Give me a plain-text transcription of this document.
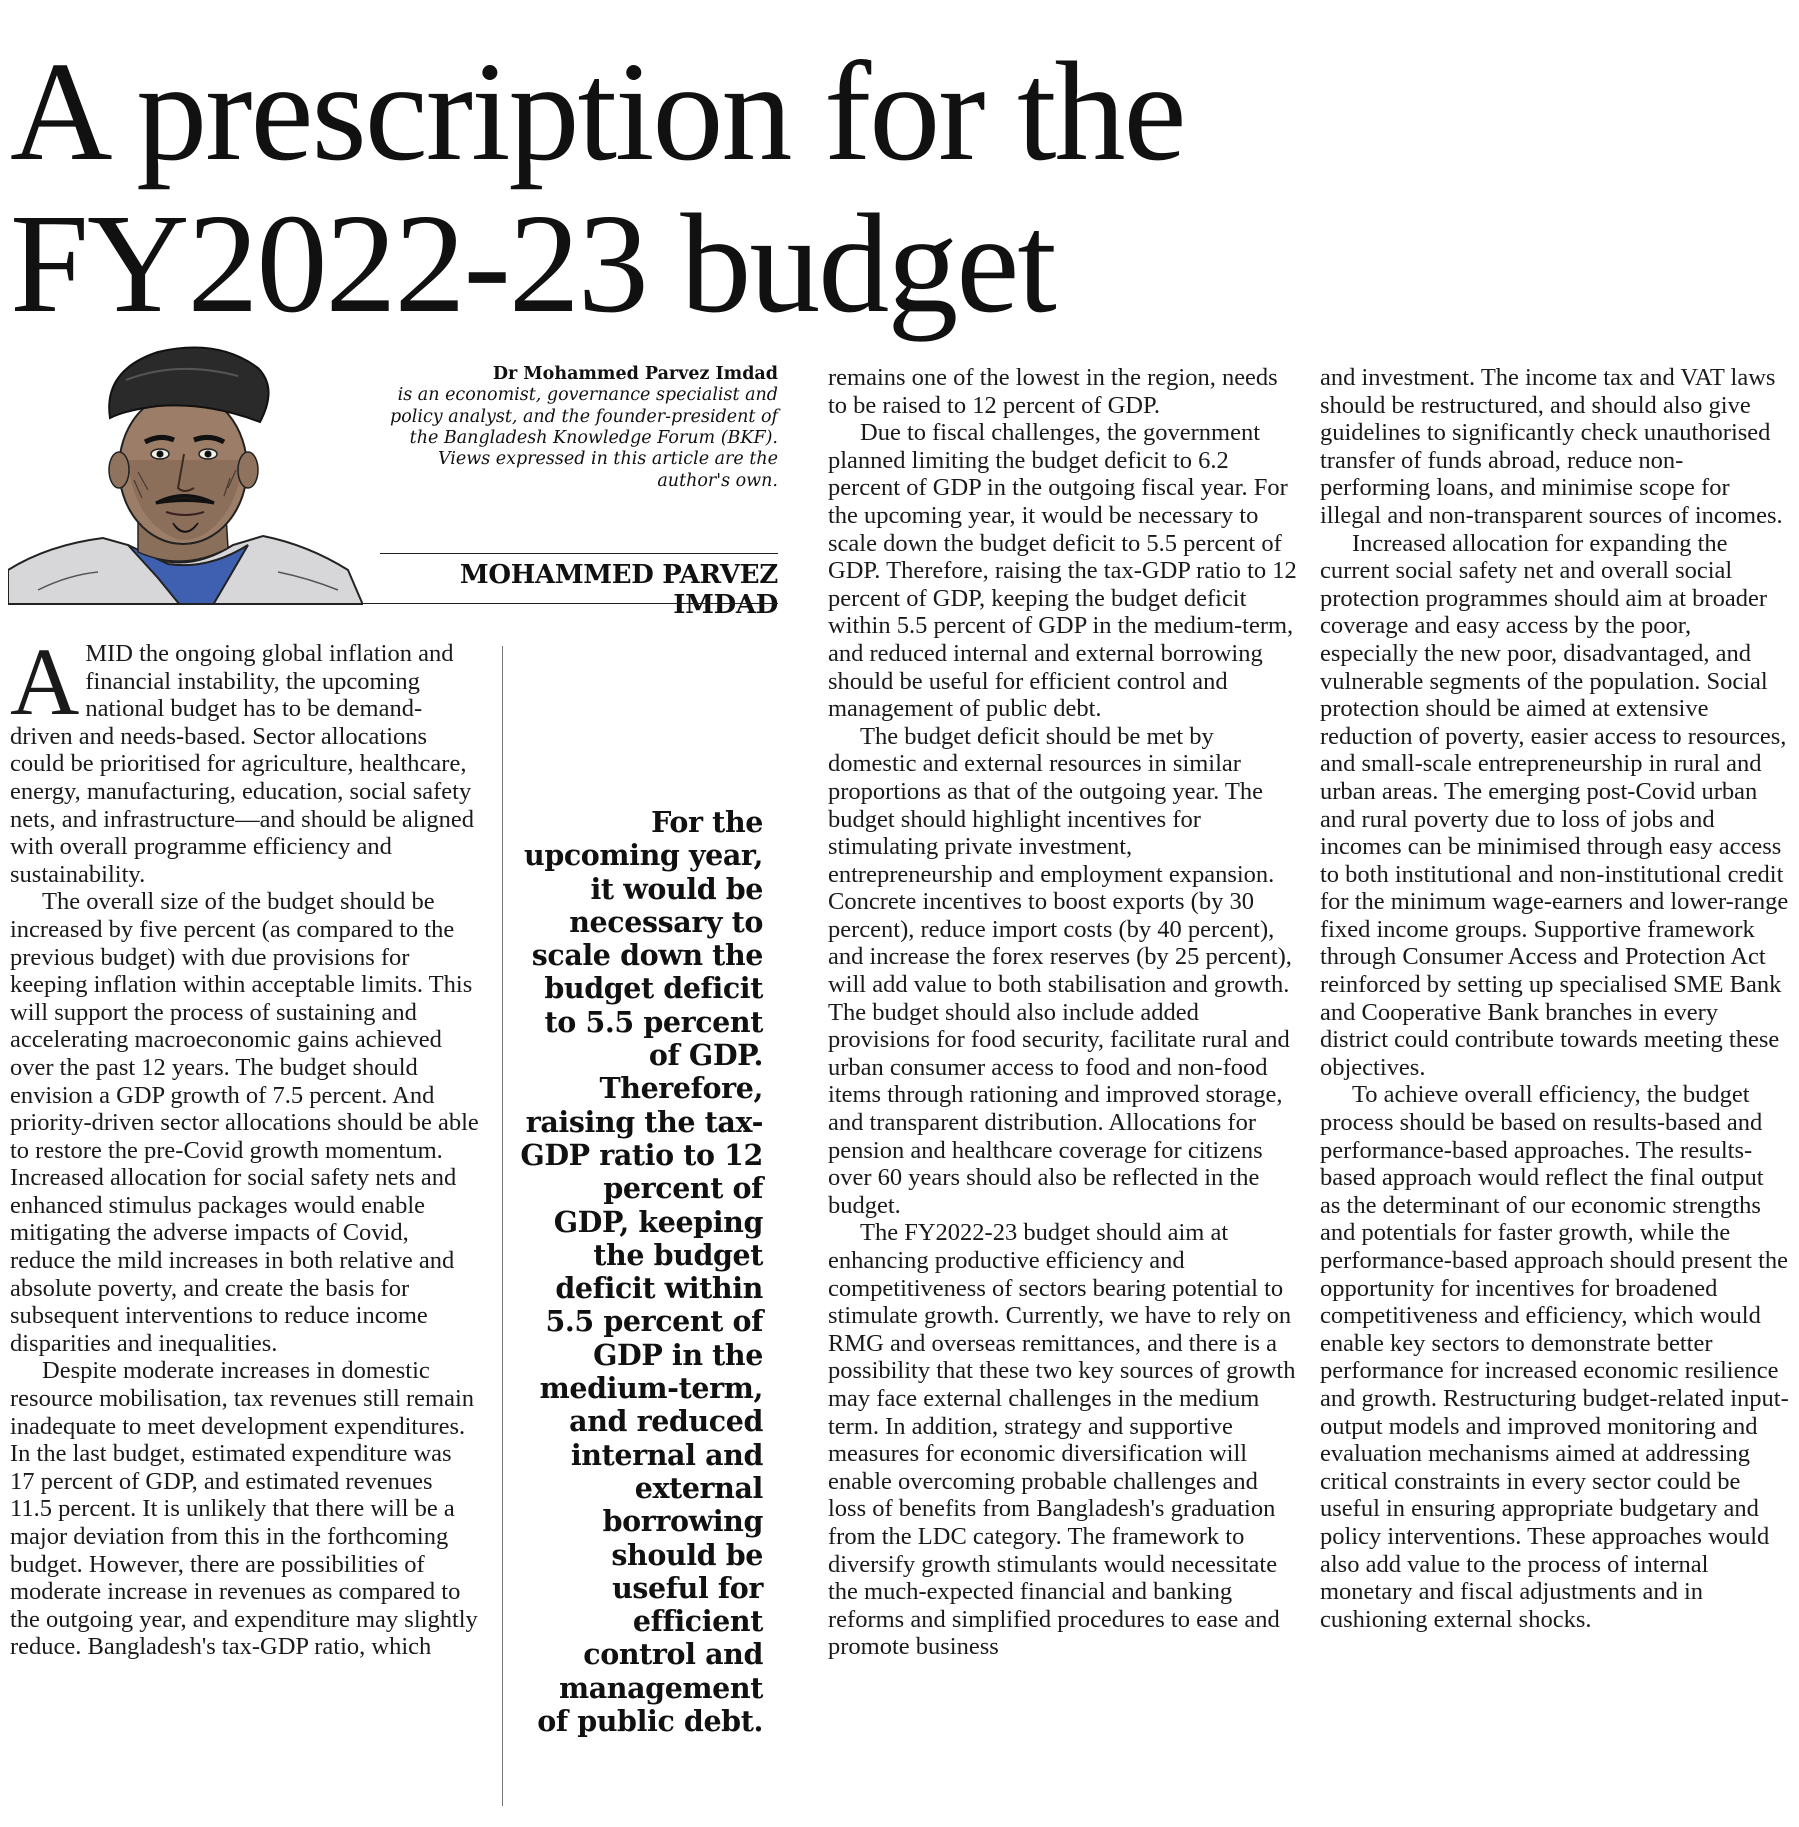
A prescription for the FY2022-23 budget
Dr Mohammed Parvez Imdad
is an economist, governance specialist and policy analyst, and the founder-president of the Bangladesh Knowledge Forum (BKF). Views expressed in this article are the author's own.
MOHAMMED PARVEZ IMDAD

AMID the ongoing global inflation and financial instability, the upcoming national budget has to be demand-driven and needs-based. Sector allocations could be prioritised for agriculture, healthcare, energy, manufacturing, education, social safety nets, and infrastructure—and should be aligned with overall programme efficiency and sustainability.

The overall size of the budget should be increased by five percent (as compared to the previous budget) with due provisions for keeping inflation within acceptable limits. This will support the process of sustaining and accelerating macroeconomic gains achieved over the past 12 years. The budget should envision a GDP growth of 7.5 percent. And priority-driven sector allocations should be able to restore the pre-Covid growth momentum. Increased allocation for social safety nets and enhanced stimulus packages would enable mitigating the adverse impacts of Covid, reduce the mild increases in both relative and absolute poverty, and create the basis for subsequent interventions to reduce income disparities and inequalities.

Despite moderate increases in domestic resource mobilisation, tax revenues still remain inadequate to meet development expenditures. In the last budget, estimated expenditure was 17 percent of GDP, and estimated revenues 11.5 percent. It is unlikely that there will be a major deviation from this in the forthcoming budget. However, there are possibilities of moderate increase in revenues as compared to the outgoing year, and expenditure may slightly reduce. Bangladesh's tax-GDP ratio, which

For the upcoming year, it would be necessary to scale down the budget deficit to 5.5 percent of GDP. Therefore, raising the tax-GDP ratio to 12 percent of GDP, keeping the budget deficit within 5.5 percent of GDP in the medium-term, and reduced internal and external borrowing should be useful for efficient control and management of public debt.

remains one of the lowest in the region, needs to be raised to 12 percent of GDP.

Due to fiscal challenges, the government planned limiting the budget deficit to 6.2 percent of GDP in the outgoing fiscal year. For the upcoming year, it would be necessary to scale down the budget deficit to 5.5 percent of GDP. Therefore, raising the tax-GDP ratio to 12 percent of GDP, keeping the budget deficit within 5.5 percent of GDP in the medium-term, and reduced internal and external borrowing should be useful for efficient control and management of public debt.

The budget deficit should be met by domestic and external resources in similar proportions as that of the outgoing year. The budget should highlight incentives for stimulating private investment, entrepreneurship and employment expansion. Concrete incentives to boost exports (by 30 percent), reduce import costs (by 40 percent), and increase the forex reserves (by 25 percent), will add value to both stabilisation and growth. The budget should also include added provisions for food security, facilitate rural and urban consumer access to food and non-food items through rationing and improved storage, and transparent distribution. Allocations for pension and healthcare coverage for citizens over 60 years should also be reflected in the budget.

The FY2022-23 budget should aim at enhancing productive efficiency and competitiveness of sectors bearing potential to stimulate growth. Currently, we have to rely on RMG and overseas remittances, and there is a possibility that these two key sources of growth may face external challenges in the medium term. In addition, strategy and supportive measures for economic diversification will enable overcoming probable challenges and loss of benefits from Bangladesh's graduation from the LDC category. The framework to diversify growth stimulants would necessitate the much-expected financial and banking reforms and simplified procedures to ease and promote business

and investment. The income tax and VAT laws should be restructured, and should also give guidelines to significantly check unauthorised transfer of funds abroad, reduce non-performing loans, and minimise scope for illegal and non-transparent sources of incomes.

Increased allocation for expanding the current social safety net and overall social protection programmes should aim at broader coverage and easy access by the poor, especially the new poor, disadvantaged, and vulnerable segments of the population. Social protection should be aimed at extensive reduction of poverty, easier access to resources, and small-scale entrepreneurship in rural and urban areas. The emerging post-Covid urban and rural poverty due to loss of jobs and incomes can be minimised through easy access to both institutional and non-institutional credit for the minimum wage-earners and lower-range fixed income groups. Supportive framework through Consumer Access and Protection Act reinforced by setting up specialised SME Bank and Cooperative Bank branches in every district could contribute towards meeting these objectives.

To achieve overall efficiency, the budget process should be based on results-based and performance-based approaches. The results-based approach would reflect the final output as the determinant of our economic strengths and potentials for faster growth, while the performance-based approach should present the opportunity for incentives for broadened competitiveness and efficiency, which would enable key sectors to demonstrate better performance for increased economic resilience and growth. Restructuring budget-related input-output models and improved monitoring and evaluation mechanisms aimed at addressing critical constraints in every sector could be useful in ensuring appropriate budgetary and policy interventions. These approaches would also add value to the process of internal monetary and fiscal adjustments and in cushioning external shocks.
